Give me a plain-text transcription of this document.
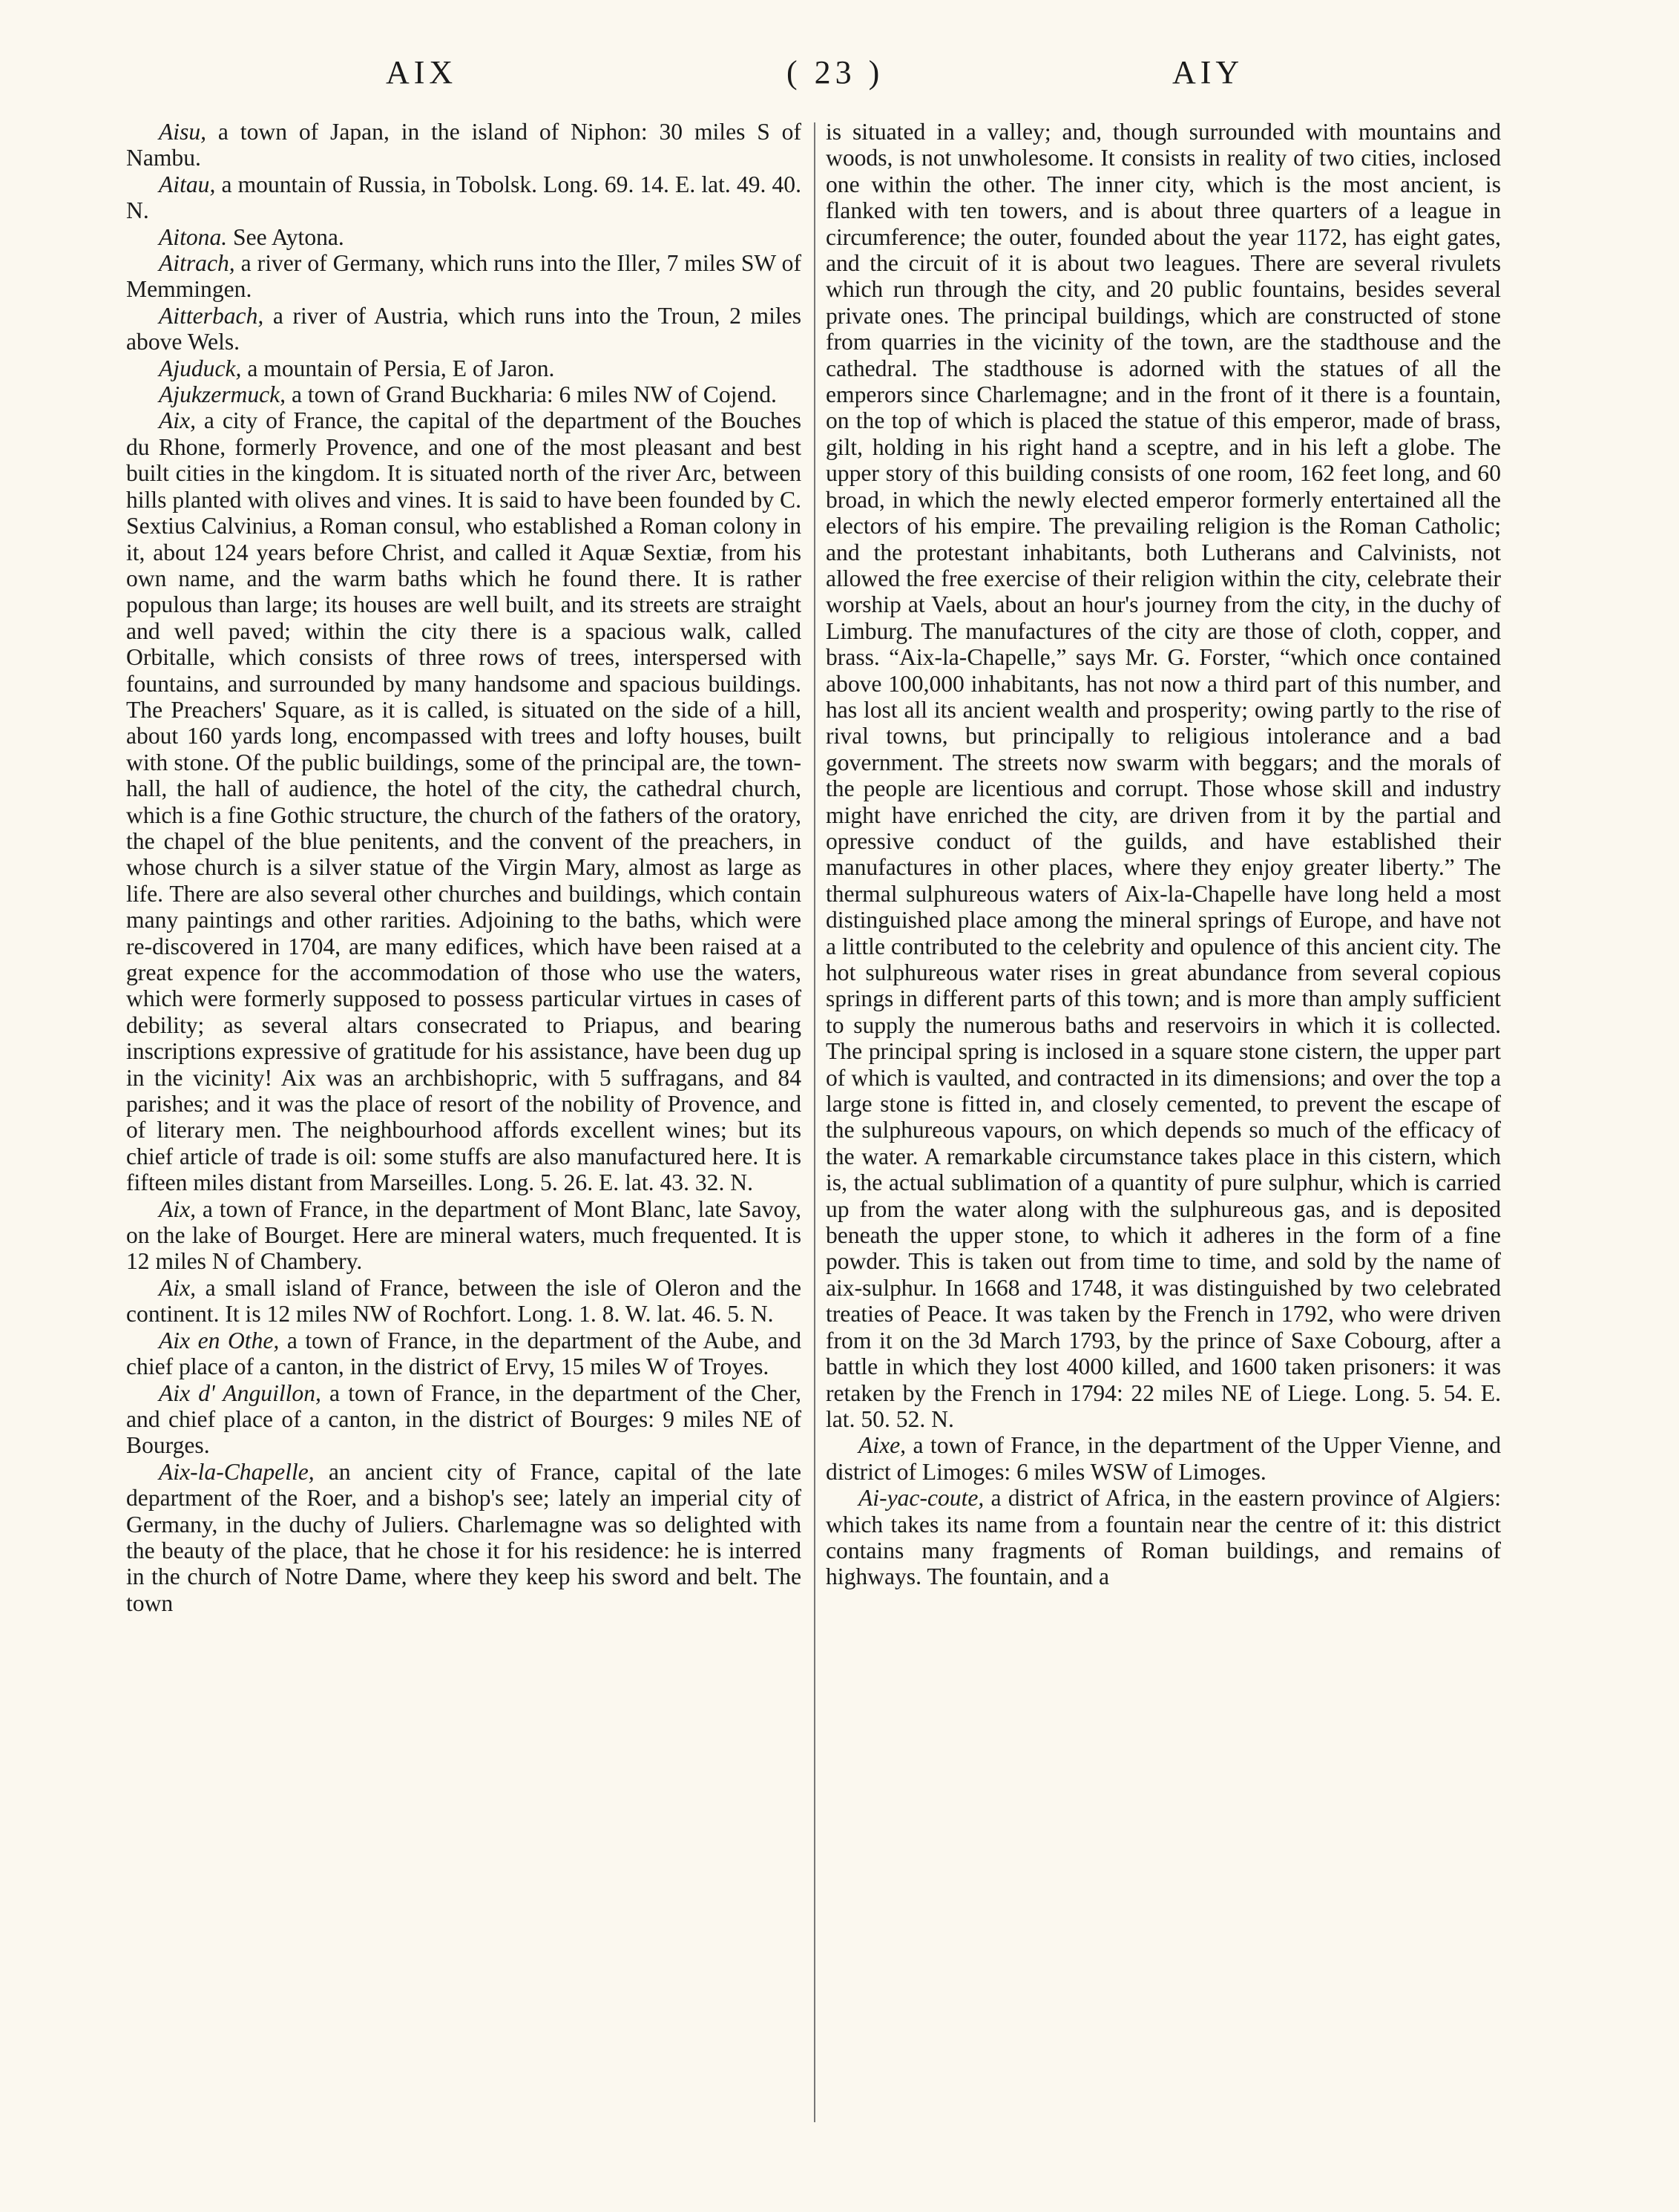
AIX	( 23 )	AIY

Aisu, a town of Japan, in the island of Niphon: 30 miles S of Nambu.

Aitau, a mountain of Russia, in Tobolsk. Long. 69. 14. E. lat. 49. 40. N.

Aitona. See Aytona.

Aitrach, a river of Germany, which runs into the Iller, 7 miles SW of Memmingen.

Aitterbach, a river of Austria, which runs into the Troun, 2 miles above Wels.

Ajuduck, a mountain of Persia, E of Jaron.

Ajukzermuck, a town of Grand Buckharia: 6 miles NW of Cojend.

Aix, a city of France, the capital of the department of the Bouches du Rhone, formerly Provence, and one of the most pleasant and best built cities in the kingdom. It is situated north of the river Arc, between hills planted with olives and vines. It is said to have been founded by C. Sextius Calvinius, a Roman consul, who established a Roman colony in it, about 124 years before Christ, and called it Aquæ Sextiæ, from his own name, and the warm baths which he found there. It is rather populous than large; its houses are well built, and its streets are straight and well paved; within the city there is a spacious walk, called Orbitalle, which consists of three rows of trees, interspersed with fountains, and surrounded by many handsome and spacious buildings. The Preachers' Square, as it is called, is situated on the side of a hill, about 160 yards long, encompassed with trees and lofty houses, built with stone. Of the public buildings, some of the principal are, the town-hall, the hall of audience, the hotel of the city, the cathedral church, which is a fine Gothic structure, the church of the fathers of the oratory, the chapel of the blue penitents, and the convent of the preachers, in whose church is a silver statue of the Virgin Mary, almost as large as life. There are also several other churches and buildings, which contain many paintings and other rarities. Adjoining to the baths, which were re-discovered in 1704, are many edifices, which have been raised at a great expence for the accommodation of those who use the waters, which were formerly supposed to possess particular virtues in cases of debility; as several altars consecrated to Priapus, and bearing inscriptions expressive of gratitude for his assistance, have been dug up in the vicinity! Aix was an archbishopric, with 5 suffragans, and 84 parishes; and it was the place of resort of the nobility of Provence, and of literary men. The neighbourhood affords excellent wines; but its chief article of trade is oil: some stuffs are also manufactured here. It is fifteen miles distant from Marseilles. Long. 5. 26. E. lat. 43. 32. N.

Aix, a town of France, in the department of Mont Blanc, late Savoy, on the lake of Bourget. Here are mineral waters, much frequented. It is 12 miles N of Chambery.

Aix, a small island of France, between the isle of Oleron and the continent. It is 12 miles NW of Rochfort. Long. 1. 8. W. lat. 46. 5. N.

Aix en Othe, a town of France, in the department of the Aube, and chief place of a canton, in the district of Ervy, 15 miles W of Troyes.

Aix d' Anguillon, a town of France, in the department of the Cher, and chief place of a canton, in the district of Bourges: 9 miles NE of Bourges.

Aix-la-Chapelle, an ancient city of France, capital of the late department of the Roer, and a bishop's see; lately an imperial city of Germany, in the duchy of Juliers. Charlemagne was so delighted with the beauty of the place, that he chose it for his residence: he is interred in the church of Notre Dame, where they keep his sword and belt. The town

is situated in a valley; and, though surrounded with mountains and woods, is not unwholesome. It consists in reality of two cities, inclosed one within the other. The inner city, which is the most ancient, is flanked with ten towers, and is about three quarters of a league in circumference; the outer, founded about the year 1172, has eight gates, and the circuit of it is about two leagues. There are several rivulets which run through the city, and 20 public fountains, besides several private ones. The principal buildings, which are constructed of stone from quarries in the vicinity of the town, are the stadthouse and the cathedral. The stadthouse is adorned with the statues of all the emperors since Charlemagne; and in the front of it there is a fountain, on the top of which is placed the statue of this emperor, made of brass, gilt, holding in his right hand a sceptre, and in his left a globe. The upper story of this building consists of one room, 162 feet long, and 60 broad, in which the newly elected emperor formerly entertained all the electors of his empire. The prevailing religion is the Roman Catholic; and the protestant inhabitants, both Lutherans and Calvinists, not allowed the free exercise of their religion within the city, celebrate their worship at Vaels, about an hour's journey from the city, in the duchy of Limburg. The manufactures of the city are those of cloth, copper, and brass. “Aix-la-Chapelle,” says Mr. G. Forster, “which once contained above 100,000 inhabitants, has not now a third part of this number, and has lost all its ancient wealth and prosperity; owing partly to the rise of rival towns, but principally to religious intolerance and a bad government. The streets now swarm with beggars; and the morals of the people are licentious and corrupt. Those whose skill and industry might have enriched the city, are driven from it by the partial and opressive conduct of the guilds, and have established their manufactures in other places, where they enjoy greater liberty.” The thermal sulphureous waters of Aix-la-Chapelle have long held a most distinguished place among the mineral springs of Europe, and have not a little contributed to the celebrity and opulence of this ancient city. The hot sulphureous water rises in great abundance from several copious springs in different parts of this town; and is more than amply sufficient to supply the numerous baths and reservoirs in which it is collected. The principal spring is inclosed in a square stone cistern, the upper part of which is vaulted, and contracted in its dimensions; and over the top a large stone is fitted in, and closely cemented, to prevent the escape of the sulphureous vapours, on which depends so much of the efficacy of the water. A remarkable circumstance takes place in this cistern, which is, the actual sublimation of a quantity of pure sulphur, which is carried up from the water along with the sulphureous gas, and is deposited beneath the upper stone, to which it adheres in the form of a fine powder. This is taken out from time to time, and sold by the name of aix-sulphur. In 1668 and 1748, it was distinguished by two celebrated treaties of Peace. It was taken by the French in 1792, who were driven from it on the 3d March 1793, by the prince of Saxe Cobourg, after a battle in which they lost 4000 killed, and 1600 taken prisoners: it was retaken by the French in 1794: 22 miles NE of Liege. Long. 5. 54. E. lat. 50. 52. N.

Aixe, a town of France, in the department of the Upper Vienne, and district of Limoges: 6 miles WSW of Limoges.

Ai-yac-coute, a district of Africa, in the eastern province of Algiers: which takes its name from a fountain near the centre of it: this district contains many fragments of Roman buildings, and remains of highways. The fountain, and a
